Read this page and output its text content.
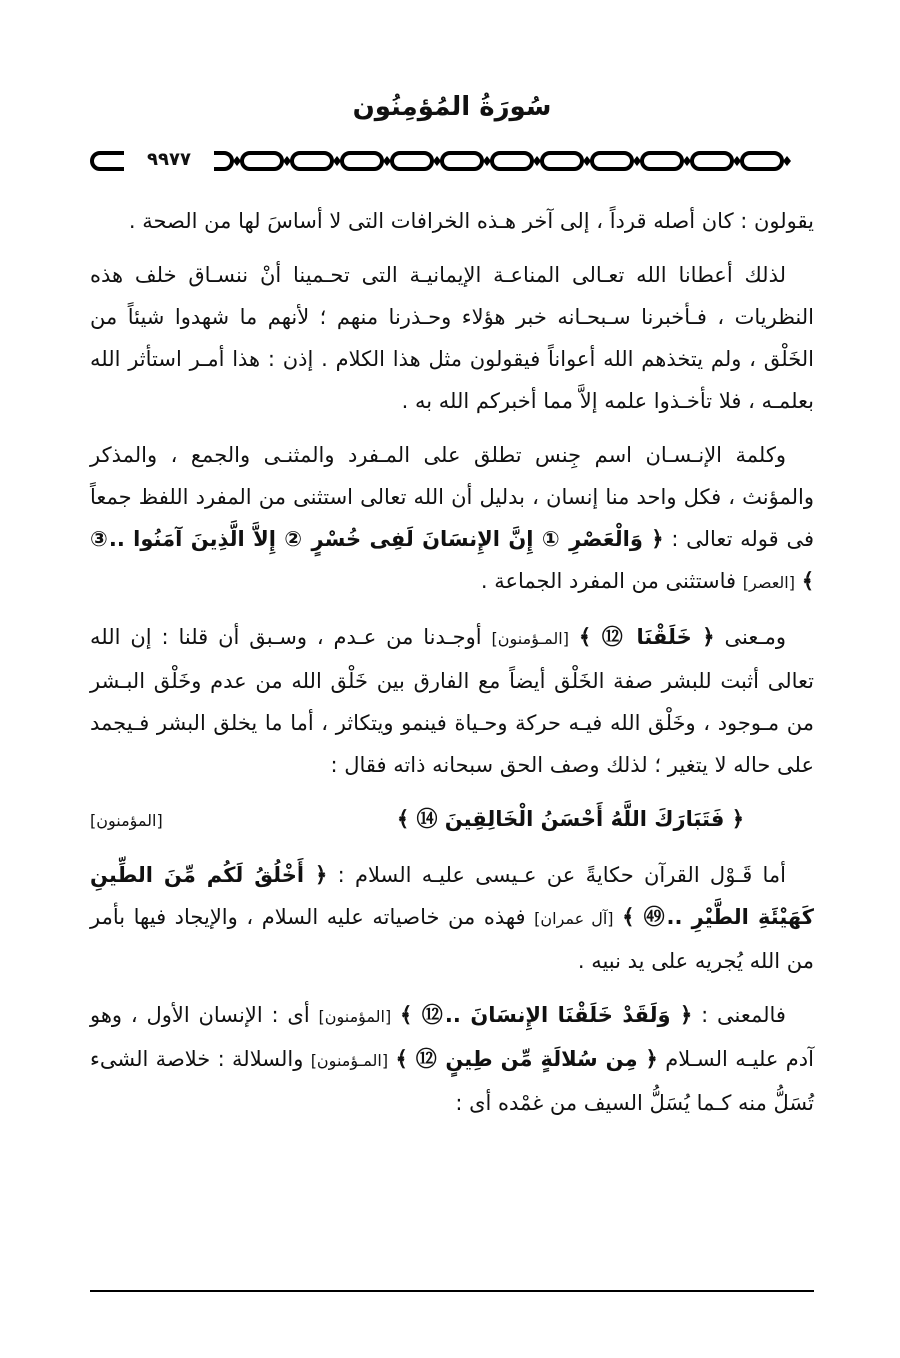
سُورَةُ المُؤمِنُون
٩٩٧٧

يقولون : كان أصله قرداً ، إلى آخر هـذه الخرافات التى لا أساسَ لها من الصحة .

لذلك أعطانا الله تعـالى المناعـة الإيمانيـة التى تحـمينا أنْ ننسـاق خلف هذه النظريات ، فـأخبرنا سـبحـانه خبر هؤلاء وحـذرنا منهم ؛ لأنهم ما شهدوا شيئاً من الخَلْق ، ولم يتخذهم الله أعواناً فيقولون مثل هذا الكلام . إذن : هذا أمـر استأثر الله بعلمـه ، فلا تأخـذوا علمه إلاَّ مما أخبركم الله به .

وكلمة الإنـسـان اسم جِنس تطلق على المـفرد والمثنـى والجمع ، والمذكر والمؤنث ، فكل واحد منا إنسان ، بدليل أن الله تعالى استثنى من المفرد اللفظ جمعاً فى قوله تعالى : ﴿ وَالْعَصْرِ ① إِنَّ الإِنسَانَ لَفِى خُسْرٍ ② إِلاَّ الَّذِينَ آمَنُوا ..③ ﴾ [العصر] فاستثنى من المفرد الجماعة .

ومـعنى ﴿ خَلَقْنَا ⑫ ﴾ [المـؤمنون] أوجـدنا من عـدم ، وسـبق أن قلنا : إن الله تعالى أثبت للبشر صفة الخَلْق أيضاً مع الفارق بين خَلْق الله من عدم وخَلْق البـشر من مـوجود ، وخَلْق الله فيـه حركة وحـياة فينمو ويتكاثر ، أما ما يخلق البشر فـيجمد على حاله لا يتغير ؛ لذلك وصف الحق سبحانه ذاته فقال :

﴿ فَتَبَارَكَ اللَّهُ أَحْسَنُ الْخَالِقِينَ ⑭ ﴾
[المؤمنون]

أما قَـوْل القرآن حكايةً عن عـيسى عليـه السلام : ﴿ أَخْلُقُ لَكُم مِّنَ الطِّينِ كَهَيْئَةِ الطَّيْرِ ..㊾ ﴾ [آل عمران] فهذه من خاصياته عليه السلام ، والإيجاد فيها بأمر من الله يُجريه على يد نبيه .

فالمعنى : ﴿ وَلَقَدْ خَلَقْنَا الإِنسَانَ ..⑫ ﴾ [المؤمنون] أى : الإنسان الأول ، وهو آدم عليـه السـلام ﴿ مِن سُلالَةٍ مِّن طِينٍ ⑫ ﴾ [المـؤمنون] والسلالة : خلاصة الشىء تُسَلُّ منه كـما يُسَلُّ السيف من غمْده أى :
